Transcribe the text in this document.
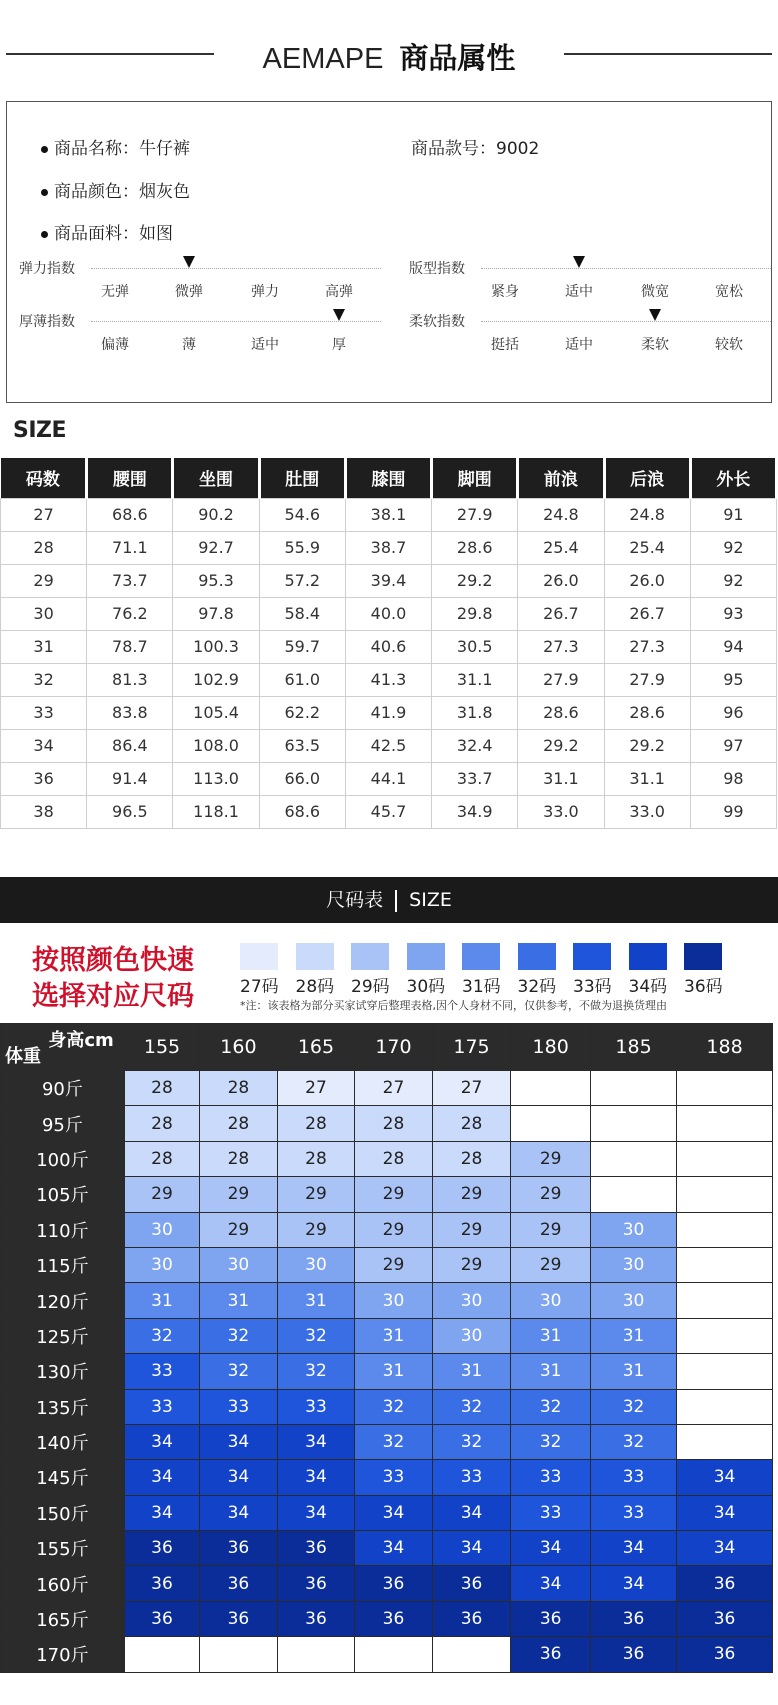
AEMAPE 商品属性
商品名称：牛仔裤
商品颜色：烟灰色
商品面料：如图
商品款号：9002
弹力指数
无弹	微弹	弹力	高弹
版型指数
紧身	适中	微宽	宽松
厚薄指数
偏薄	薄	适中	厚
柔软指数
挺括	适中	柔软	较软
SIZE
码数	腰围	坐围	肚围	膝围	脚围	前浪	后浪	外长
27	68.6	90.2	54.6	38.1	27.9	24.8	24.8	91
28	71.1	92.7	55.9	38.7	28.6	25.4	25.4	92
29	73.7	95.3	57.2	39.4	29.2	26.0	26.0	92
30	76.2	97.8	58.4	40.0	29.8	26.7	26.7	93
31	78.7	100.3	59.7	40.6	30.5	27.3	27.3	94
32	81.3	102.9	61.0	41.3	31.1	27.9	27.9	95
33	83.8	105.4	62.2	41.9	31.8	28.6	28.6	96
34	86.4	108.0	63.5	42.5	32.4	29.2	29.2	97
36	91.4	113.0	66.0	44.1	33.7	31.1	31.1	98
38	96.5	118.1	68.6	45.7	34.9	33.0	33.0	99
尺码表 SIZE
按照颜色快速
选择对应尺码	27码 28码 29码 30码 31码 32码 33码 34码 36码
*注：该表格为部分买家试穿后整理表格,因个人身材不同，仅供参考，不做为退换货理由
身高cm
体重	155	160	165	170	175	180	185	188
90斤	28	28	27	27	27			
95斤	28	28	28	28	28			
100斤	28	28	28	28	28	29		
105斤	29	29	29	29	29	29		
110斤	30	29	29	29	29	29	30	
115斤	30	30	30	29	29	29	30	
120斤	31	31	31	30	30	30	30	
125斤	32	32	32	31	30	31	31	
130斤	33	32	32	31	31	31	31	
135斤	33	33	33	32	32	32	32	
140斤	34	34	34	32	32	32	32	
145斤	34	34	34	33	33	33	33	34
150斤	34	34	34	34	34	33	33	34
155斤	36	36	36	34	34	34	34	34
160斤	36	36	36	36	36	34	34	36
165斤	36	36	36	36	36	36	36	36
170斤						36	36	36
